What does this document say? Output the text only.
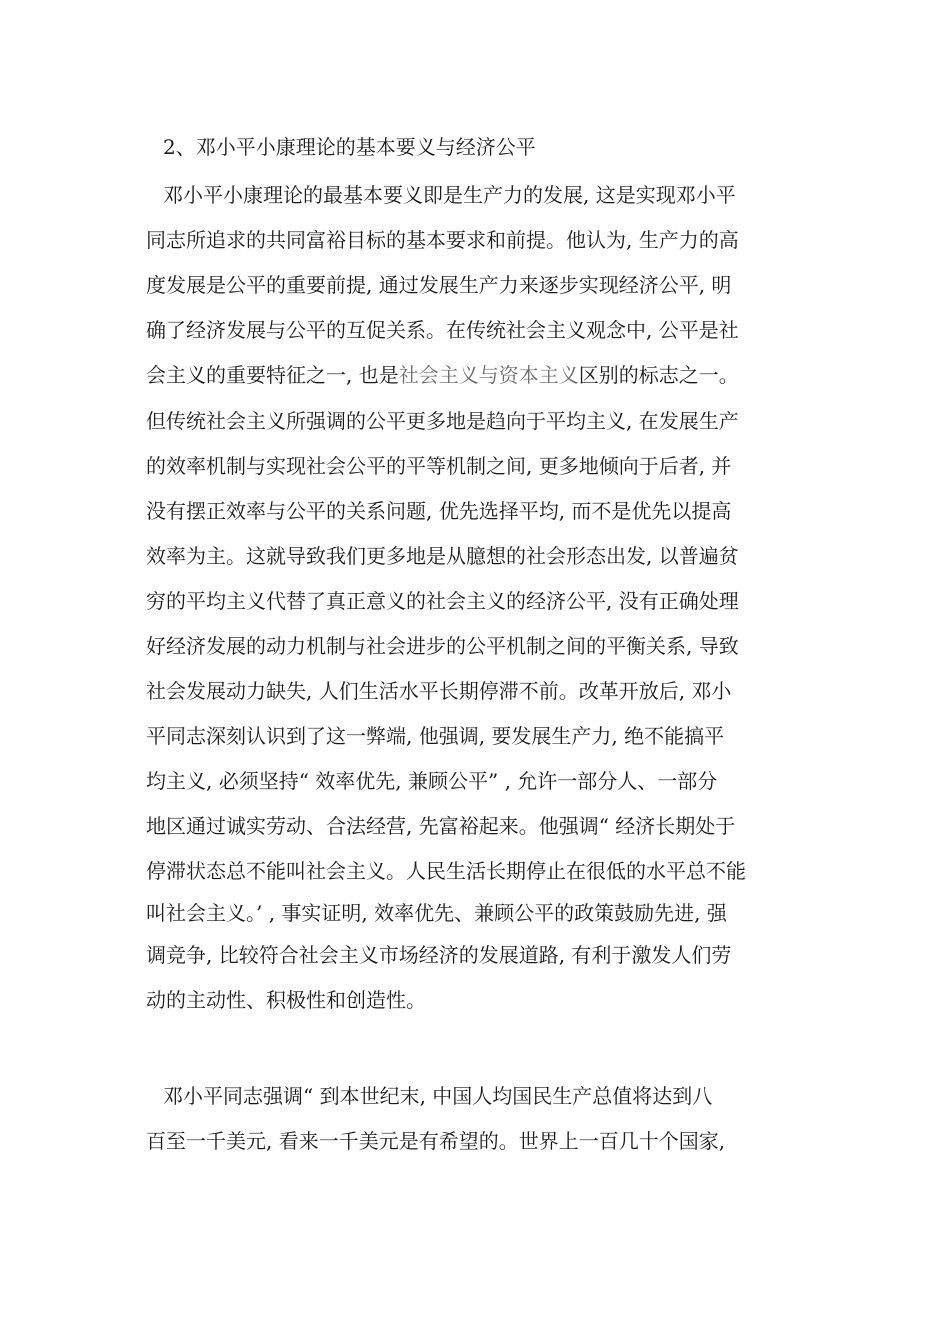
2、邓小平小康理论的基本要义与经济公平
邓小平小康理论的最基本要义即是生产力的发展, 这是实现邓小平
同志所追求的共同富裕目标的基本要求和前提。他认为, 生产力的高
度发展是公平的重要前提, 通过发展生产力来逐步实现经济公平, 明
确了经济发展与公平的互促关系。在传统社会主义观念中, 公平是社
会主义的重要特征之一, 也是社会主义与资本主义区别的标志之一。
但传统社会主义所强调的公平更多地是趋向于平均主义, 在发展生产
的效率机制与实现社会公平的平等机制之间, 更多地倾向于后者, 并
没有摆正效率与公平的关系问题, 优先选择平均, 而不是优先以提高
效率为主。这就导致我们更多地是从臆想的社会形态出发, 以普遍贫
穷的平均主义代替了真正意义的社会主义的经济公平, 没有正确处理
好经济发展的动力机制与社会进步的公平机制之间的平衡关系, 导致
社会发展动力缺失, 人们生活水平长期停滞不前。改革开放后, 邓小
平同志深刻认识到了这一弊端, 他强调, 要发展生产力, 绝不能搞平
均主义, 必须坚持“ 效率优先, 兼顾公平” , 允许一部分人、一部分
地区通过诚实劳动、合法经营, 先富裕起来。他强调“ 经济长期处于
停滞状态总不能叫社会主义。人民生活长期停止在很低的水平总不能
叫社会主义。’ , 事实证明, 效率优先、兼顾公平的政策鼓励先进, 强
调竞争, 比较符合社会主义市场经济的发展道路, 有利于激发人们劳
动的主动性、积极性和创造性。
邓小平同志强调“ 到本世纪末, 中国人均国民生产总值将达到八
百至一千美元, 看来一千美元是有希望的。世界上一百几十个国家,
